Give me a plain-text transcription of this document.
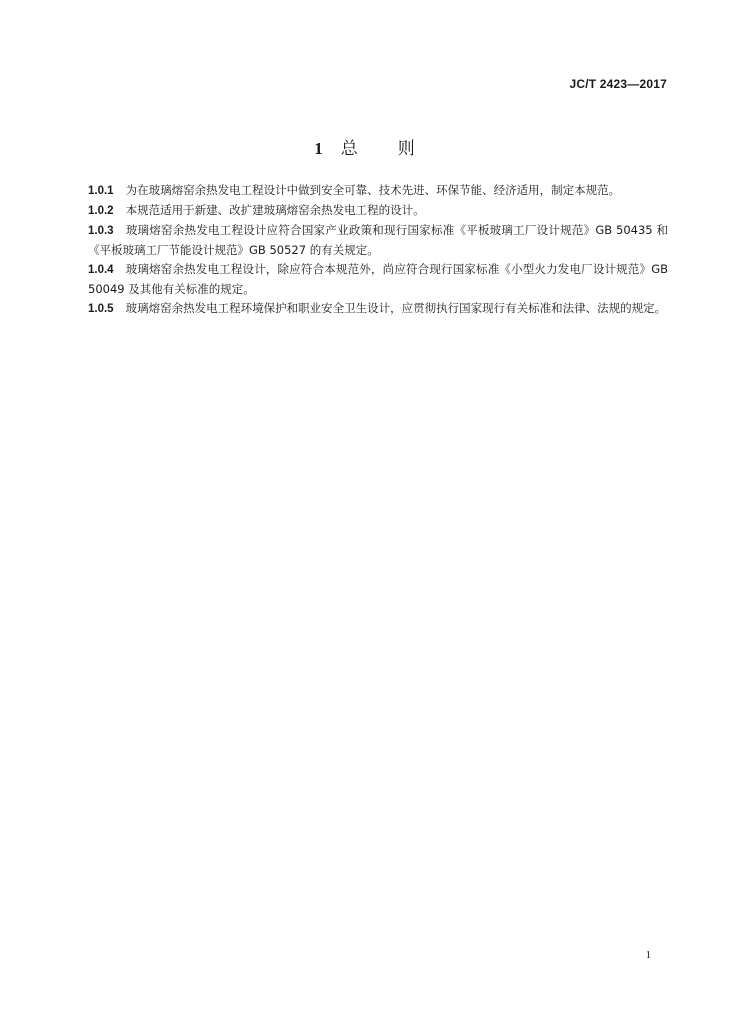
JC/T 2423—2017
1 总 则
1.0.1 为在玻璃熔窑余热发电工程设计中做到安全可靠、技术先进、环保节能、经济适用，制定本规范。
1.0.2 本规范适用于新建、改扩建玻璃熔窑余热发电工程的设计。
1.0.3 玻璃熔窑余热发电工程设计应符合国家产业政策和现行国家标准《平板玻璃工厂设计规范》GB 50435 和《平板玻璃工厂节能设计规范》GB 50527 的有关规定。
1.0.4 玻璃熔窑余热发电工程设计，除应符合本规范外，尚应符合现行国家标准《小型火力发电厂设计规范》GB 50049 及其他有关标准的规定。
1.0.5 玻璃熔窑余热发电工程环境保护和职业安全卫生设计，应贯彻执行国家现行有关标准和法律、法规的规定。
1
